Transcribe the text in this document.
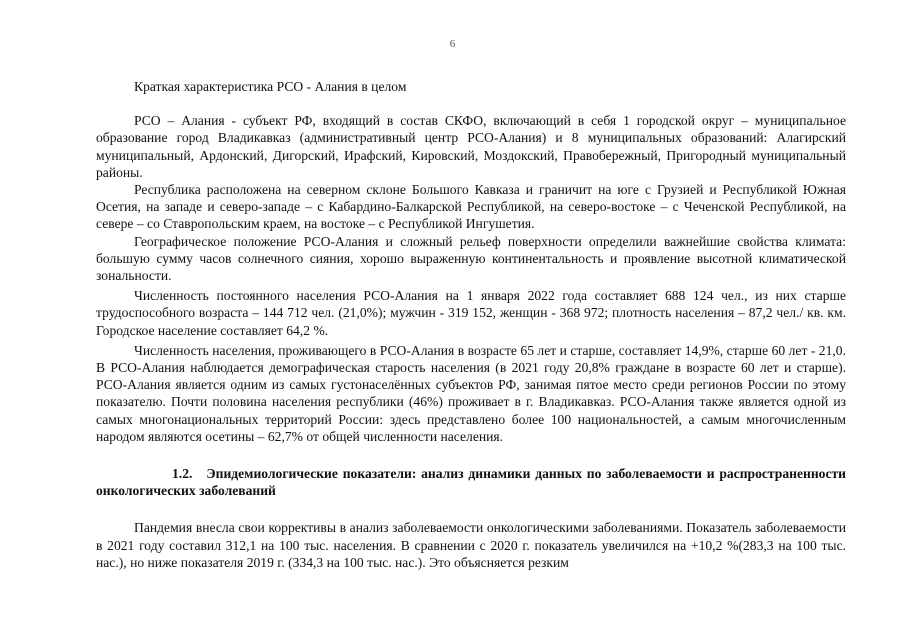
6

Краткая характеристика РСО - Алания в целом

РСО – Алания - субъект РФ, входящий в состав СКФО, включающий в себя 1 городской округ – муниципальное образование город Владикавказ (административный центр РСО-Алания) и 8 муниципальных образований: Алагирский муниципальный, Ардонский, Дигорский, Ирафский, Кировский, Моздокский, Правобережный, Пригородный муниципальный районы.

Республика расположена на северном склоне Большого Кавказа и граничит на юге с Грузией и Республикой Южная Осетия, на западе и северо-западе – с Кабардино-Балкарской Республикой, на северо-востоке – с Чеченской Республикой, на севере – со Ставропольским краем, на востоке – с Республикой Ингушетия.

Географическое положение РСО-Алания и сложный рельеф поверхности определили важнейшие свойства климата: большую сумму часов солнечного сияния, хорошо выраженную континентальность и проявление высотной климатической зональности.

Численность постоянного населения РСО-Алания на 1 января 2022 года составляет 688 124 чел., из них старше трудоспособного возраста – 144 712 чел. (21,0%); мужчин - 319 152, женщин - 368 972; плотность населения – 87,2 чел./ кв. км. Городское население составляет 64,2 %.

Численность населения, проживающего в РСО-Алания в возрасте 65 лет и старше, составляет 14,9%, старше 60 лет - 21,0. В РСО-Алания наблюдается демографическая старость населения (в 2021 году 20,8% граждане в возрасте 60 лет и старше). РСО-Алания является одним из самых густонаселённых субъектов РФ, занимая пятое место среди регионов России по этому показателю. Почти половина населения республики (46%) проживает в г. Владикавказ. РСО-Алания также является одной из самых многонациональных территорий России: здесь представлено более 100 национальностей, а самым многочисленным народом являются осетины – 62,7% от общей численности населения.

1.2. Эпидемиологические показатели: анализ динамики данных по заболеваемости и распространенности онкологических заболеваний

Пандемия внесла свои коррективы в анализ заболеваемости онкологическими заболеваниями. Показатель заболеваемости в 2021 году составил 312,1 на 100 тыс. населения. В сравнении с 2020 г. показатель увеличился на +10,2 %(283,3 на 100 тыс. нас.), но ниже показателя 2019 г. (334,3 на 100 тыс. нас.). Это объясняется резким
